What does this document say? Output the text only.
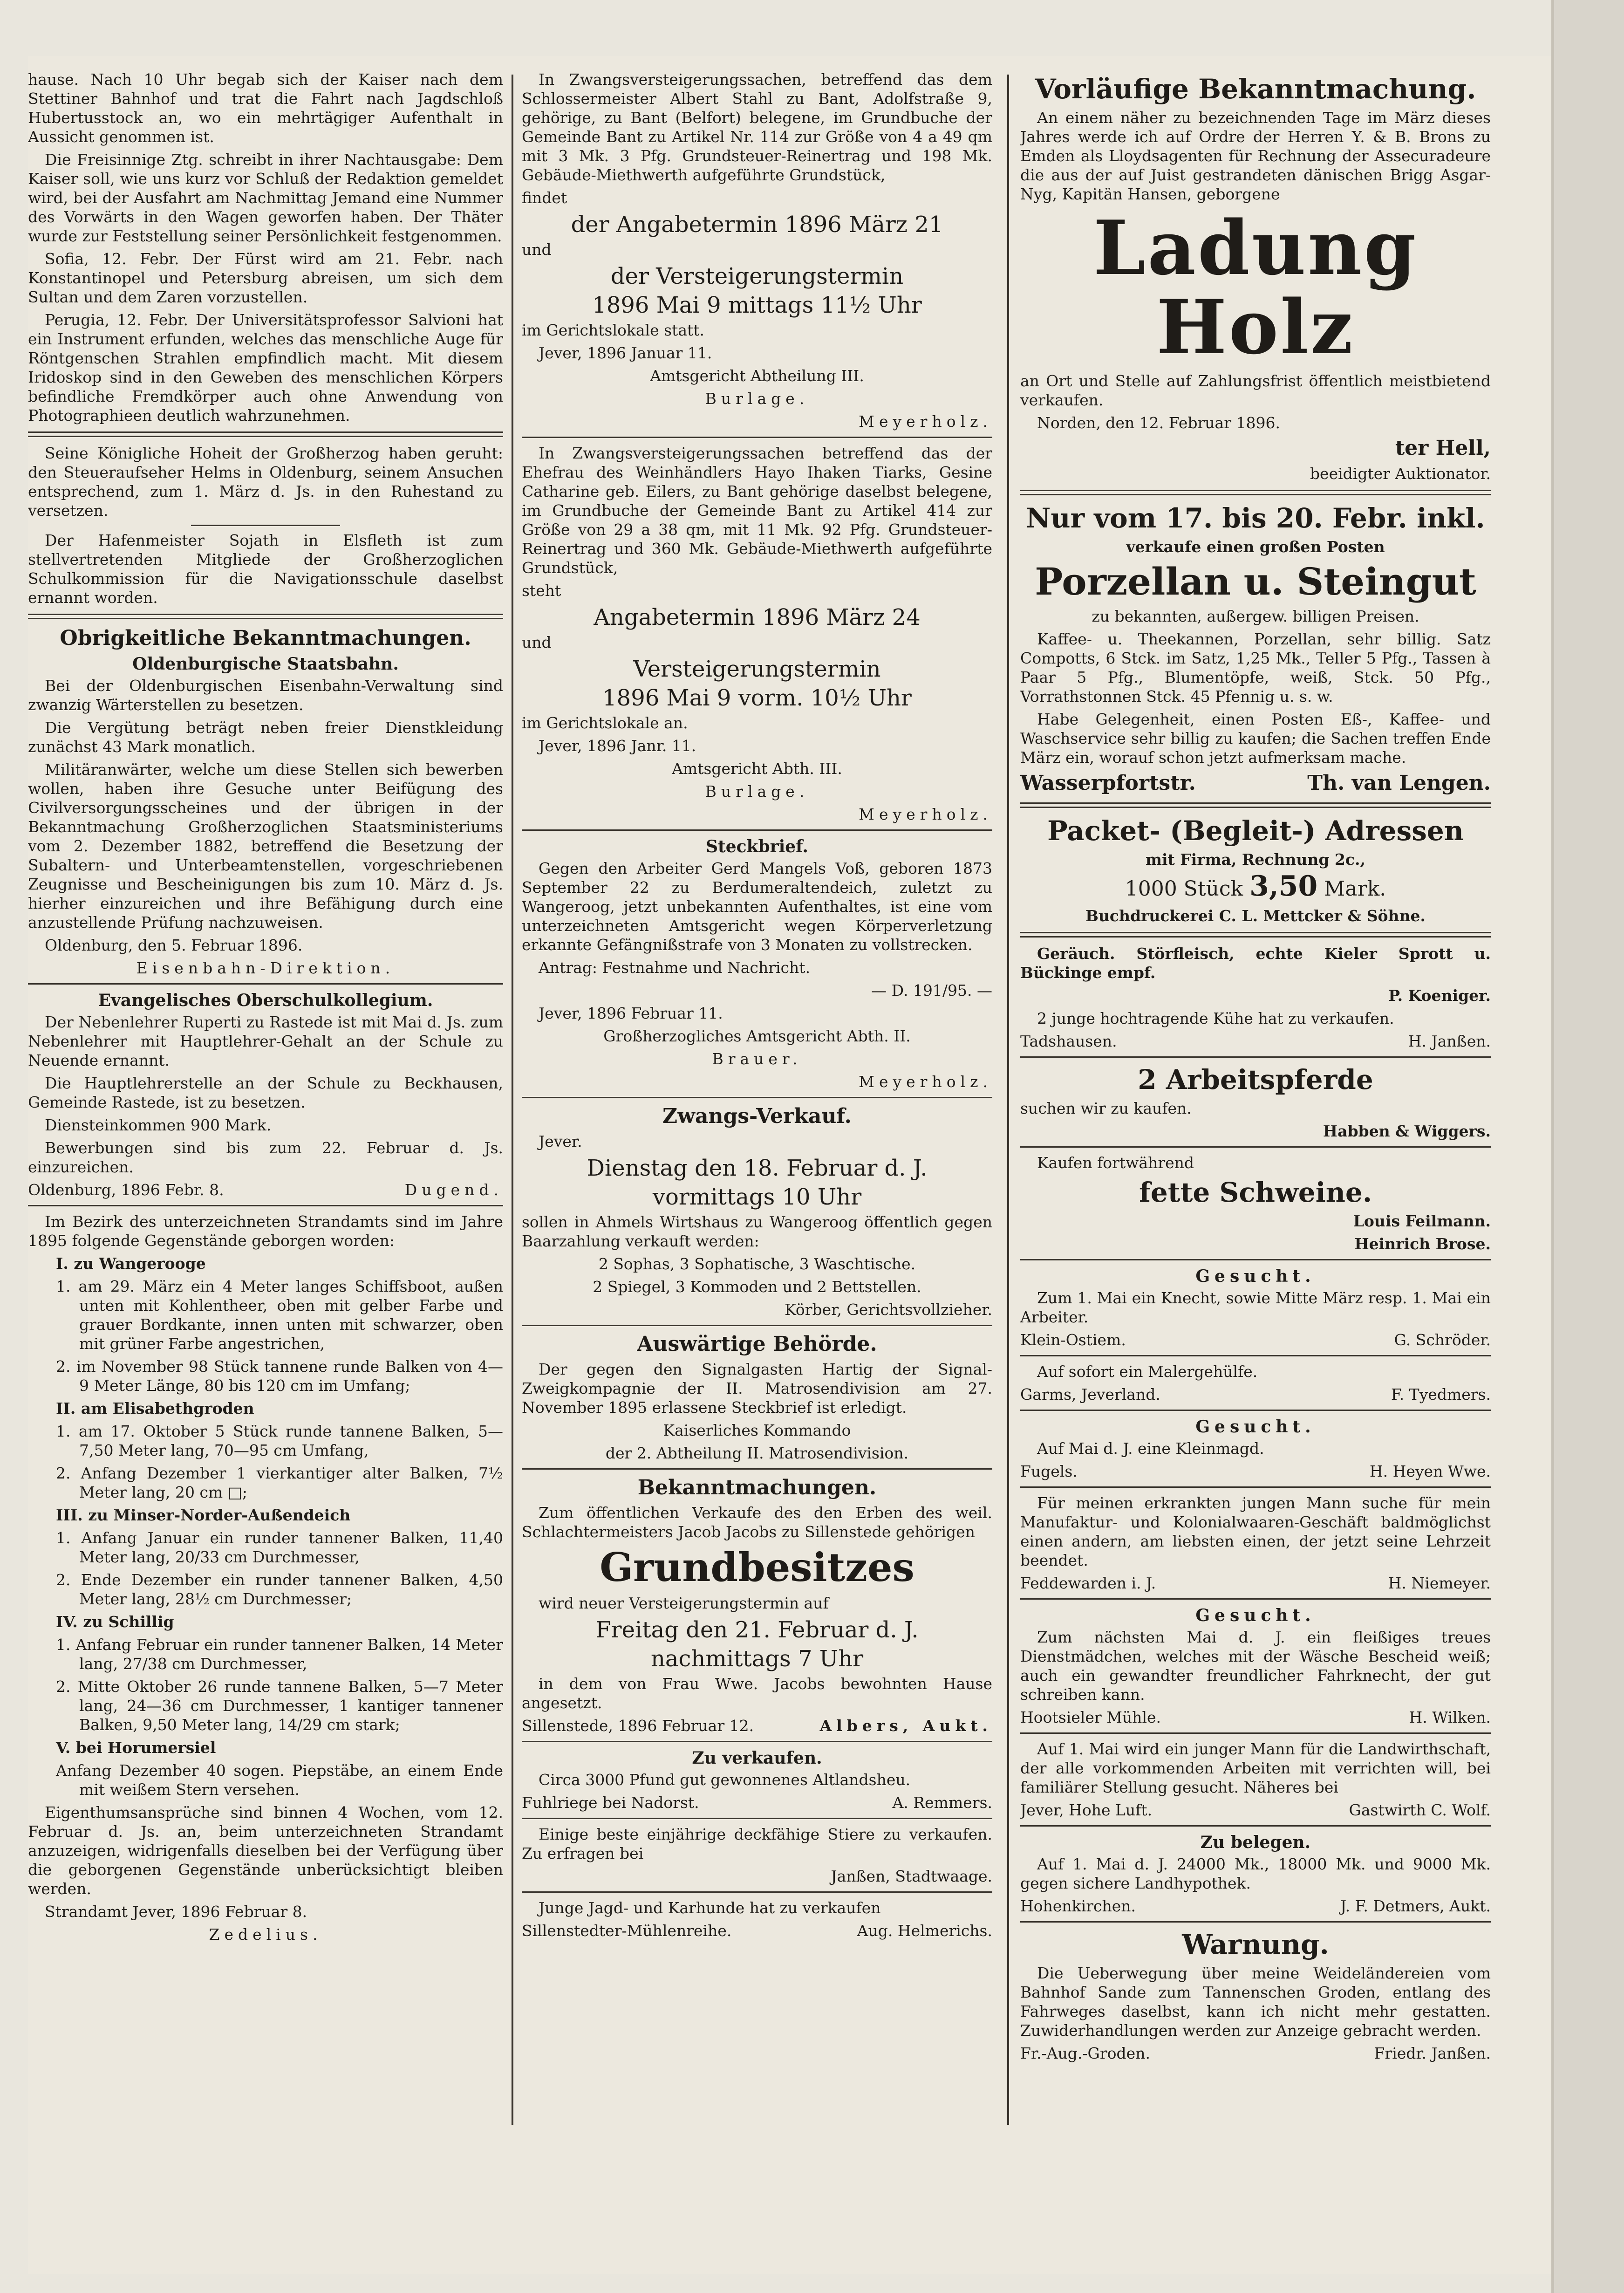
hause. Nach 10 Uhr begab sich der Kaiser nach dem Stettiner Bahnhof und trat die Fahrt nach Jagdschloß Hubertusstock an, wo ein mehrtägiger Aufenthalt in Aussicht genommen ist.

Die Freisinnige Ztg. schreibt in ihrer Nachtausgabe: Dem Kaiser soll, wie uns kurz vor Schluß der Redaktion gemeldet wird, bei der Ausfahrt am Nachmittag Jemand eine Nummer des Vorwärts in den Wagen geworfen haben. Der Thäter wurde zur Feststellung seiner Persönlichkeit festgenommen.

Sofia, 12. Febr. Der Fürst wird am 21. Febr. nach Konstantinopel und Petersburg abreisen, um sich dem Sultan und dem Zaren vorzustellen.

Perugia, 12. Febr. Der Universitätsprofessor Salvioni hat ein Instrument erfunden, welches das menschliche Auge für Röntgenschen Strahlen empfindlich macht. Mit diesem Iridoskop sind in den Geweben des menschlichen Körpers befindliche Fremdkörper auch ohne Anwendung von Photographieen deutlich wahrzunehmen.

Seine Königliche Hoheit der Großherzog haben geruht: den Steueraufseher Helms in Oldenburg, seinem Ansuchen entsprechend, zum 1. März d. Js. in den Ruhestand zu versetzen.

Der Hafenmeister Sojath in Elsfleth ist zum stellvertretenden Mitgliede der Großherzoglichen Schulkommission für die Navigationsschule daselbst ernannt worden.

Obrigkeitliche Bekanntmachungen.
Oldenburgische Staatsbahn.

Bei der Oldenburgischen Eisenbahn-Verwaltung sind zwanzig Wärterstellen zu besetzen.

Die Vergütung beträgt neben freier Dienstkleidung zunächst 43 Mark monatlich.

Militäranwärter, welche um diese Stellen sich bewerben wollen, haben ihre Gesuche unter Beifügung des Civilversorgungsscheines und der übrigen in der Bekanntmachung Großherzoglichen Staatsministeriums vom 2. Dezember 1882, betreffend die Besetzung der Subaltern- und Unterbeamtenstellen, vorgeschriebenen Zeugnisse und Bescheinigungen bis zum 10. März d. Js. hierher einzureichen und ihre Befähigung durch eine anzustellende Prüfung nachzuweisen.

Oldenburg, den 5. Februar 1896.

Eisenbahn-Direktion.

Evangelisches Oberschulkollegium.

Der Nebenlehrer Ruperti zu Rastede ist mit Mai d. Js. zum Nebenlehrer mit Hauptlehrer-Gehalt an der Schule zu Neuende ernannt.

Die Hauptlehrerstelle an der Schule zu Beckhausen, Gemeinde Rastede, ist zu besetzen.

Diensteinkommen 900 Mark.

Bewerbungen sind bis zum 22. Februar d. Js. einzureichen.

Oldenburg, 1896 Febr. 8.	Dugend.

Im Bezirk des unterzeichneten Strandamts sind im Jahre 1895 folgende Gegenstände geborgen worden:

I. zu Wangerooge

1. am 29. März ein 4 Meter langes Schiffsboot, außen unten mit Kohlentheer, oben mit gelber Farbe und grauer Bordkante, innen unten mit schwarzer, oben mit grüner Farbe angestrichen,

2. im November 98 Stück tannene runde Balken von 4—9 Meter Länge, 80 bis 120 cm im Umfang;

II. am Elisabethgroden

1. am 17. Oktober 5 Stück runde tannene Balken, 5—7,50 Meter lang, 70—95 cm Umfang,

2. Anfang Dezember 1 vierkantiger alter Balken, 7½ Meter lang, 20 cm □;

III. zu Minser-Norder-Außendeich

1. Anfang Januar ein runder tannener Balken, 11,40 Meter lang, 20/33 cm Durchmesser,

2. Ende Dezember ein runder tannener Balken, 4,50 Meter lang, 28½ cm Durchmesser;

IV. zu Schillig

1. Anfang Februar ein runder tannener Balken, 14 Meter lang, 27/38 cm Durchmesser,

2. Mitte Oktober 26 runde tannene Balken, 5—7 Meter lang, 24—36 cm Durchmesser, 1 kantiger tannener Balken, 9,50 Meter lang, 14/29 cm stark;

V. bei Horumersiel

Anfang Dezember 40 sogen. Piepstäbe, an einem Ende mit weißem Stern versehen.

Eigenthumsansprüche sind binnen 4 Wochen, vom 12. Februar d. Js. an, beim unterzeichneten Strandamt anzuzeigen, widrigenfalls dieselben bei der Verfügung über die geborgenen Gegenstände unberücksichtigt bleiben werden.

Strandamt Jever, 1896 Februar 8.

Zedelius.

In Zwangsversteigerungssachen, betreffend das dem Schlossermeister Albert Stahl zu Bant, Adolfstraße 9, gehörige, zu Bant (Belfort) belegene, im Grundbuche der Gemeinde Bant zu Artikel Nr. 114 zur Größe von 4 a 49 qm mit 3 Mk. 3 Pfg. Grundsteuer-Reinertrag und 198 Mk. Gebäude-Miethwerth aufgeführte Grundstück,

findet

der Angabetermin 1896 März 21

und

der Versteigerungstermin
1896 Mai 9 mittags 11½ Uhr

im Gerichtslokale statt.

Jever, 1896 Januar 11.

Amtsgericht Abtheilung III.

Burlage.

Meyerholz.

In Zwangsversteigerungssachen betreffend das der Ehefrau des Weinhändlers Hayo Ihaken Tiarks, Gesine Catharine geb. Eilers, zu Bant gehörige daselbst belegene, im Grundbuche der Gemeinde Bant zu Artikel 414 zur Größe von 29 a 38 qm, mit 11 Mk. 92 Pfg. Grundsteuer-Reinertrag und 360 Mk. Gebäude-Miethwerth aufgeführte Grundstück,

steht

Angabetermin 1896 März 24

und

Versteigerungstermin
1896 Mai 9 vorm. 10½ Uhr

im Gerichtslokale an.

Jever, 1896 Janr. 11.

Amtsgericht Abth. III.

Burlage.

Meyerholz.

Steckbrief.

Gegen den Arbeiter Gerd Mangels Voß, geboren 1873 September 22 zu Berdumeraltendeich, zuletzt zu Wangeroog, jetzt unbekannten Aufenthaltes, ist eine vom unterzeichneten Amtsgericht wegen Körperverletzung erkannte Gefängnißstrafe von 3 Monaten zu vollstrecken.

Antrag: Festnahme und Nachricht.

— D. 191/95. —

Jever, 1896 Februar 11.

Großherzogliches Amtsgericht Abth. II.

Brauer.

Meyerholz.

Zwangs-Verkauf.

Jever.

Dienstag den 18. Februar d. J.
vormittags 10 Uhr

sollen in Ahmels Wirtshaus zu Wangeroog öffentlich gegen Baarzahlung verkauft werden:

2 Sophas, 3 Sophatische, 3 Waschtische.

2 Spiegel, 3 Kommoden und 2 Bettstellen.

Körber, Gerichtsvollzieher.

Auswärtige Behörde.

Der gegen den Signalgasten Hartig der Signal-Zweigkompagnie der II. Matrosendivision am 27. November 1895 erlassene Steckbrief ist erledigt.

Kaiserliches Kommando

der 2. Abtheilung II. Matrosendivision.

Bekanntmachungen.

Zum öffentlichen Verkaufe des den Erben des weil. Schlachtermeisters Jacob Jacobs zu Sillenstede gehörigen

Grundbesitzes

wird neuer Versteigerungstermin auf

Freitag den 21. Februar d. J.
nachmittags 7 Uhr

in dem von Frau Wwe. Jacobs bewohnten Hause angesetzt.

Sillenstede, 1896 Februar 12.	Albers, Aukt.
Zu verkaufen.

Circa 3000 Pfund gut gewonnenes Altlandsheu.

Fuhlriege bei Nadorst.	A. Remmers.

Einige beste einjährige deckfähige Stiere zu verkaufen. Zu erfragen bei

Janßen, Stadtwaage.

Junge Jagd- und Karhunde hat zu verkaufen

Sillenstedter-Mühlenreihe.	Aug. Helmerichs.
Vorläufige Bekanntmachung.

An einem näher zu bezeichnenden Tage im März dieses Jahres werde ich auf Ordre der Herren Y. & B. Brons zu Emden als Lloydsagenten für Rechnung der Assecuradeure die aus der auf Juist gestrandeten dänischen Brigg Asgar-Nyg, Kapitän Hansen, geborgene

Ladung Holz

an Ort und Stelle auf Zahlungsfrist öffentlich meistbietend verkaufen.

Norden, den 12. Februar 1896.

ter Hell,

beeidigter Auktionator.

Nur vom 17. bis 20. Febr. inkl.

verkaufe einen großen Posten

Porzellan u. Steingut

zu bekannten, außergew. billigen Preisen.

Kaffee- u. Theekannen, Porzellan, sehr billig. Satz Compotts, 6 Stck. im Satz, 1,25 Mk., Teller 5 Pfg., Tassen à Paar 5 Pfg., Blumentöpfe, weiß, Stck. 50 Pfg., Vorrathstonnen Stck. 45 Pfennig u. s. w.

Habe Gelegenheit, einen Posten Eß-, Kaffee- und Waschservice sehr billig zu kaufen; die Sachen treffen Ende März ein, worauf schon jetzt aufmerksam mache.

Wasserpfortstr.	Th. van Lengen.
Packet- (Begleit-) Adressen

mit Firma, Rechnung 2c.,

1000 Stück 3,50 Mark.

Buchdruckerei C. L. Mettcker & Söhne.

Geräuch. Störfleisch, echte Kieler Sprott u. Bückinge empf.

P. Koeniger.

2 junge hochtragende Kühe hat zu verkaufen.

Tadshausen.	H. Janßen.
2 Arbeitspferde

suchen wir zu kaufen.

Habben & Wiggers.

Kaufen fortwährend

fette Schweine.

Louis Feilmann.

Heinrich Brose.

Gesucht.

Zum 1. Mai ein Knecht, sowie Mitte März resp. 1. Mai ein Arbeiter.

Klein-Ostiem.	G. Schröder.

Auf sofort ein Malergehülfe.

Garms, Jeverland.	F. Tyedmers.
Gesucht.

Auf Mai d. J. eine Kleinmagd.

Fugels.	H. Heyen Wwe.

Für meinen erkrankten jungen Mann suche für mein Manufaktur- und Kolonialwaaren-Geschäft baldmöglichst einen andern, am liebsten einen, der jetzt seine Lehrzeit beendet.

Feddewarden i. J.	H. Niemeyer.
Gesucht.

Zum nächsten Mai d. J. ein fleißiges treues Dienstmädchen, welches mit der Wäsche Bescheid weiß; auch ein gewandter freundlicher Fahrknecht, der gut schreiben kann.

Hootsieler Mühle.	H. Wilken.

Auf 1. Mai wird ein junger Mann für die Landwirthschaft, der alle vorkommenden Arbeiten mit verrichten will, bei familiärer Stellung gesucht. Näheres bei

Jever, Hohe Luft.	Gastwirth C. Wolf.
Zu belegen.

Auf 1. Mai d. J. 24000 Mk., 18000 Mk. und 9000 Mk. gegen sichere Landhypothek.

Hohenkirchen.	J. F. Detmers, Aukt.
Warnung.

Die Ueberwegung über meine Weideländereien vom Bahnhof Sande zum Tannenschen Groden, entlang des Fahrweges daselbst, kann ich nicht mehr gestatten. Zuwiderhandlungen werden zur Anzeige gebracht werden.

Fr.-Aug.-Groden.	Friedr. Janßen.
